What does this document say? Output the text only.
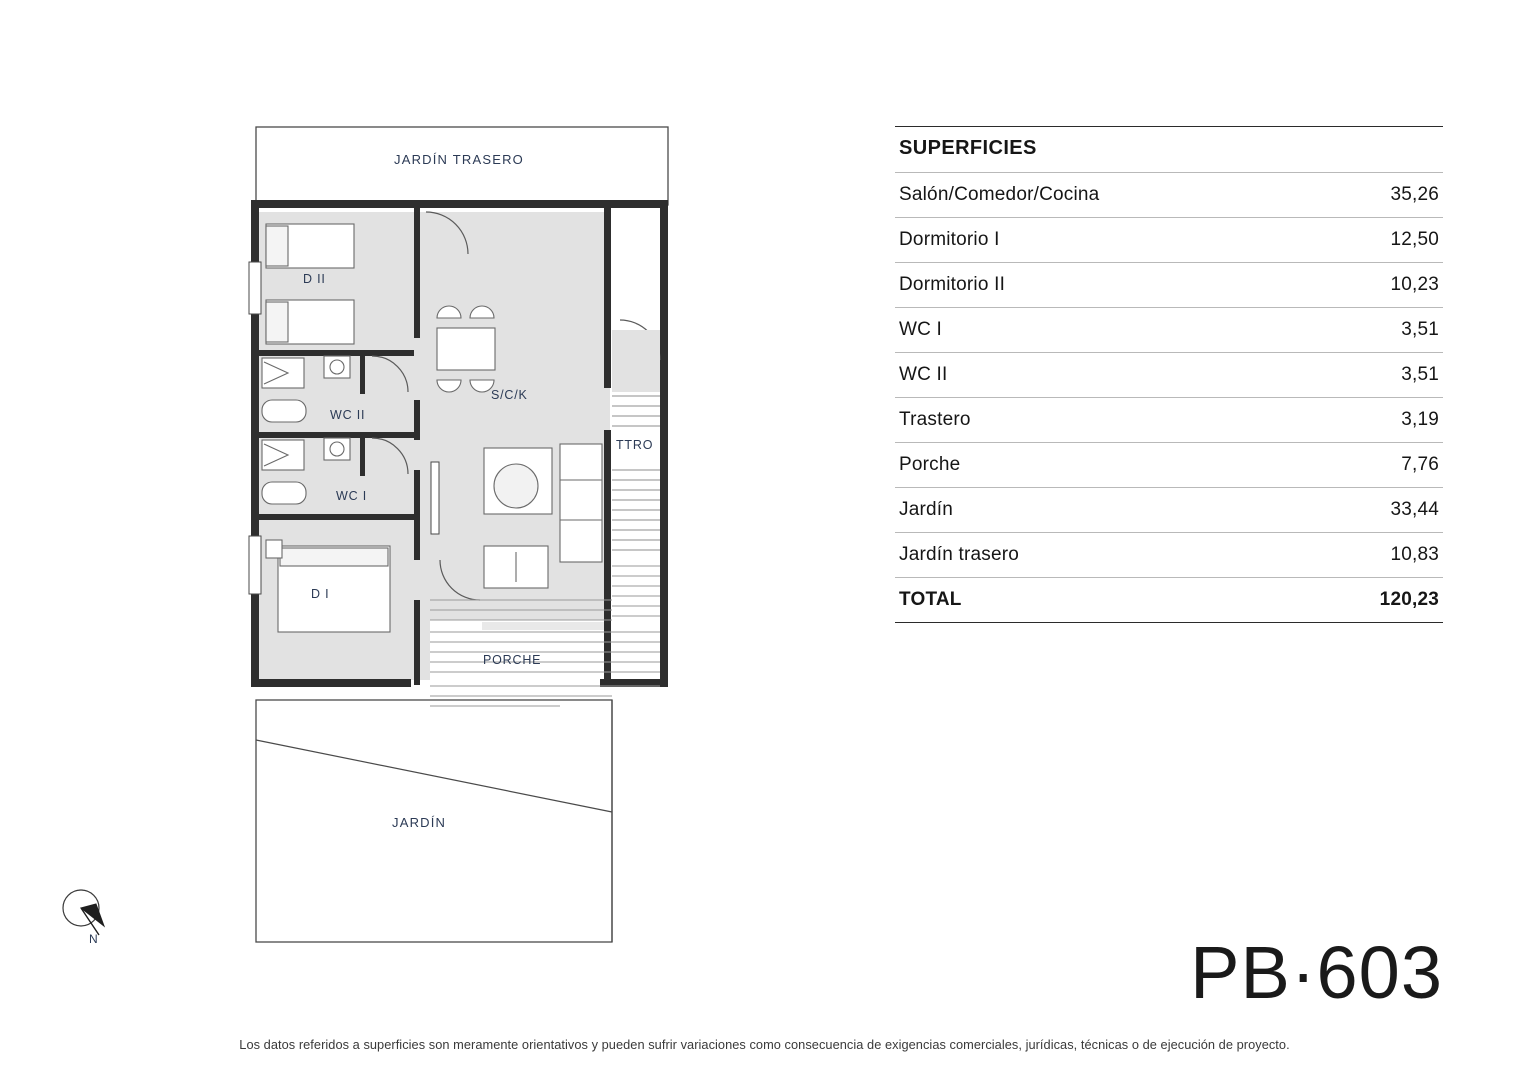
JARDÍN TRASERO
D II
WC II
WC I
D I
S/C/K
TTRO
PORCHE
JARDÍN
N
SUPERFICIES
Salón/Comedor/Cocina	35,26
Dormitorio I	12,50
Dormitorio II	10,23
WC I	3,51
WC II	3,51
Trastero	3,19
Porche	7,76
Jardín	33,44
Jardín trasero	10,83
TOTAL	120,23
PB·603
Los datos referidos a superficies son meramente orientativos y pueden sufrir variaciones como consecuencia de exigencias comerciales, jurídicas, técnicas o de ejecución de proyecto.
